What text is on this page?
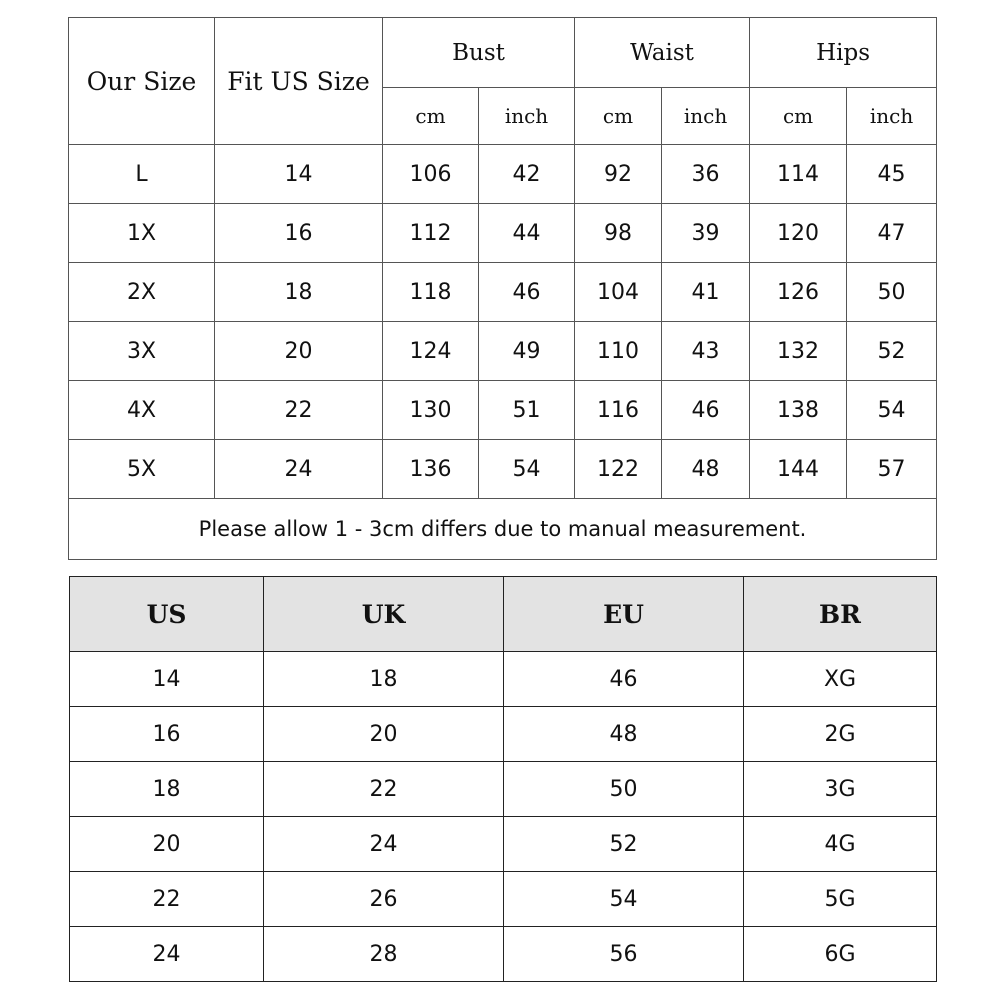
Our Size	Fit US Size	Bust		Waist		Hips	
		cm	inch	cm	inch	cm	inch
L	14	106	42	92	36	114	45
1X	16	112	44	98	39	120	47
2X	18	118	46	104	41	126	50
3X	20	124	49	110	43	132	52
4X	22	130	51	116	46	138	54
5X	24	136	54	122	48	144	57
Please allow 1 - 3cm differs due to manual measurement.							
US	UK	EU	BR
14	18	46	XG
16	20	48	2G
18	22	50	3G
20	24	52	4G
22	26	54	5G
24	28	56	6G
